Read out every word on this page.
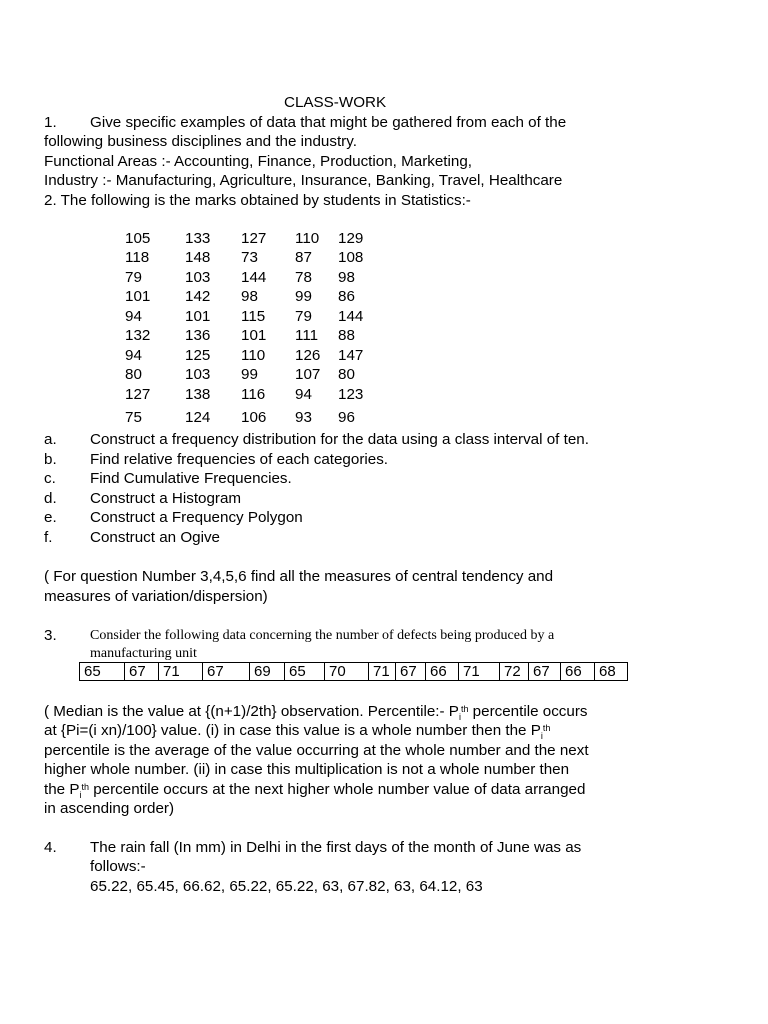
CLASS-WORK
1. Give specific examples of data that might be gathered from each of the
following business disciplines and the industry.
Functional Areas :- Accounting, Finance, Production, Marketing,
Industry :- Manufacturing, Agriculture, Insurance, Banking, Travel, Healthcare
2. The following is the marks obtained by students in Statistics:-
105 133 127 110 129
118 148 73 87 108
79	103 144 78 98
101 142 98 99 86
94	101 115 79 144
132 136 101 111 88
94	125 110 126 147
80	103 99 107 80
127 138 116 94 123
75	124 106 93 96
a. Construct a frequency distribution for the data using a class interval of ten.
b. Find relative frequencies of each categories.
c. Find Cumulative Frequencies.
d. Construct a Histogram
e. Construct a Frequency Polygon
f. Construct an Ogive
( For question Number 3,4,5,6 find all the measures of central tendency and
measures of variation/dispersion)
3. Consider the following data concerning the number of defects being produced by a
manufacturing unit
65	67	71	67	69	65	70	71	67	66	71	72	67	66	68
( Median is the value at {(n+1)/2th} observation. Percentile:- $P_i^{th}$ percentile occurs
at {Pi=(i xn)/100} value. (i) in case this value is a whole number then the $P_i^{th}$
percentile is the average of the value occurring at the whole number and the next
higher whole number. (ii) in case this multiplication is not a whole number then
the $P_i^{th}$ percentile occurs at the next higher whole number value of data arranged
in ascending order)
4. The rain fall (In mm) in Delhi in the first days of the month of June was as
follows:-
65.22, 65.45, 66.62, 65.22, 65.22, 63, 67.82, 63, 64.12, 63
